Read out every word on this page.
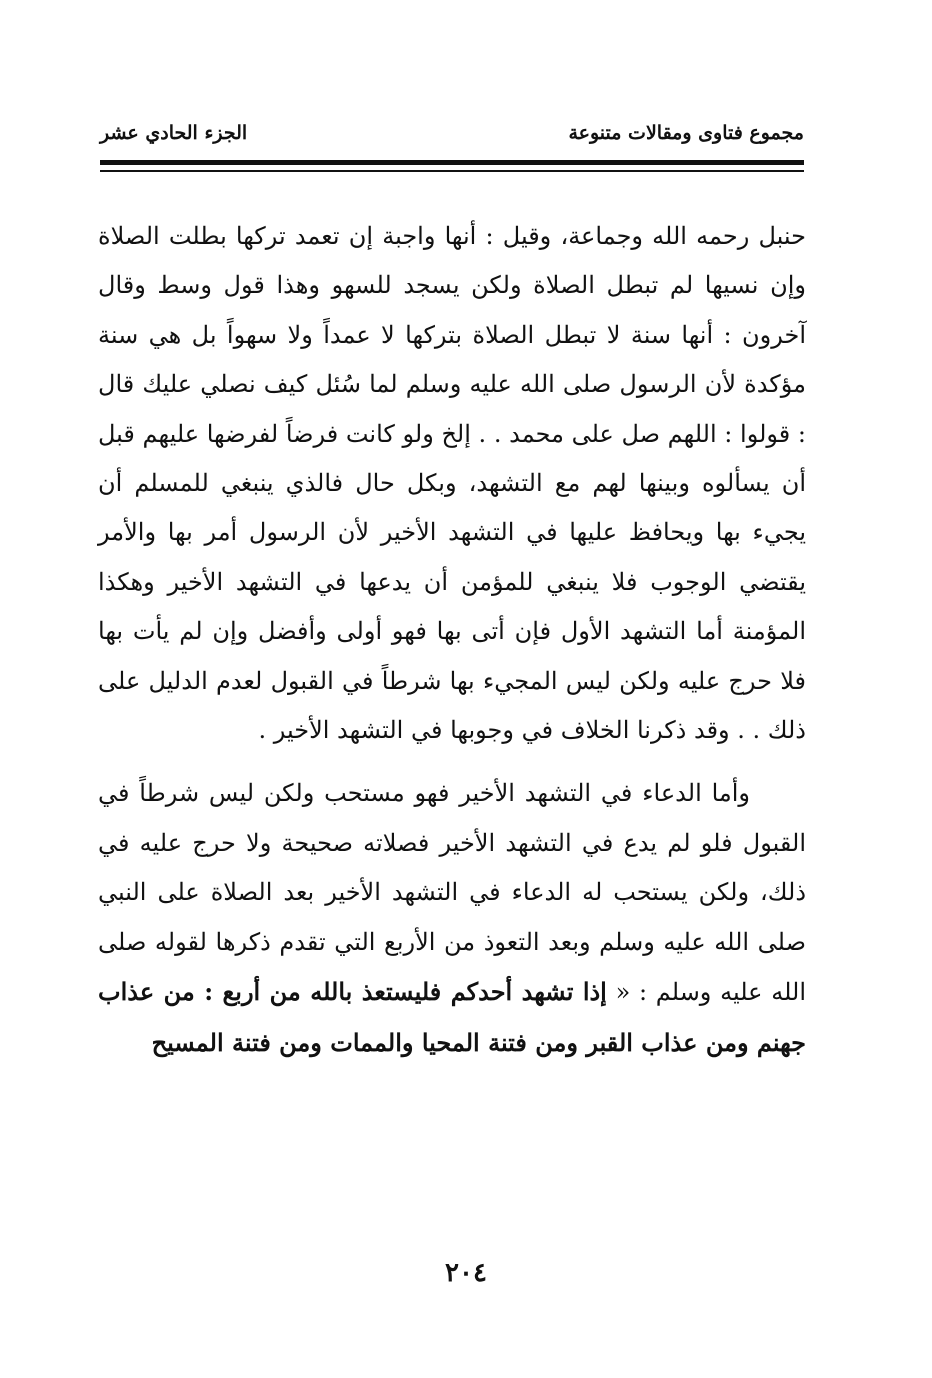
مجموع فتاوى ومقالات متنوعة
الجزء الحادي عشر

حنبل رحمه الله وجماعة، وقيل : أنها واجبة إن تعمد تركها بطلت الصلاة وإن نسيها لم تبطل الصلاة ولكن يسجد للسهو وهذا قول وسط وقال آخرون : أنها سنة لا تبطل الصلاة بتركها لا عمداً ولا سهواً بل هي سنة مؤكدة لأن الرسول صلى الله عليه وسلم لما سُئل كيف نصلي عليك قال : قولوا : اللهم صل على محمد . . إلخ ولو كانت فرضاً لفرضها عليهم قبل أن يسألوه وبينها لهم مع التشهد، وبكل حال فالذي ينبغي للمسلم أن يجيء بها ويحافظ عليها في التشهد الأخير لأن الرسول أمر بها والأمر يقتضي الوجوب فلا ينبغي للمؤمن أن يدعها في التشهد الأخير وهكذا المؤمنة أما التشهد الأول فإن أتى بها فهو أولى وأفضل وإن لم يأت بها فلا حرج عليه ولكن ليس المجيء بها شرطاً في القبول لعدم الدليل على ذلك . . وقد ذكرنا الخلاف في وجوبها في التشهد الأخير .

وأما الدعاء في التشهد الأخير فهو مستحب ولكن ليس شرطاً في القبول فلو لم يدع في التشهد الأخير فصلاته صحيحة ولا حرج عليه في ذلك، ولكن يستحب له الدعاء في التشهد الأخير بعد الصلاة على النبي صلى الله عليه وسلم وبعد التعوذ من الأربع التي تقدم ذكرها لقوله صلى الله عليه وسلم : « إذا تشهد أحدكم فليستعذ بالله من أربع : من عذاب جهنم ومن عذاب القبر ومن فتنة المحيا والممات ومن فتنة المسيح

٢٠٤
